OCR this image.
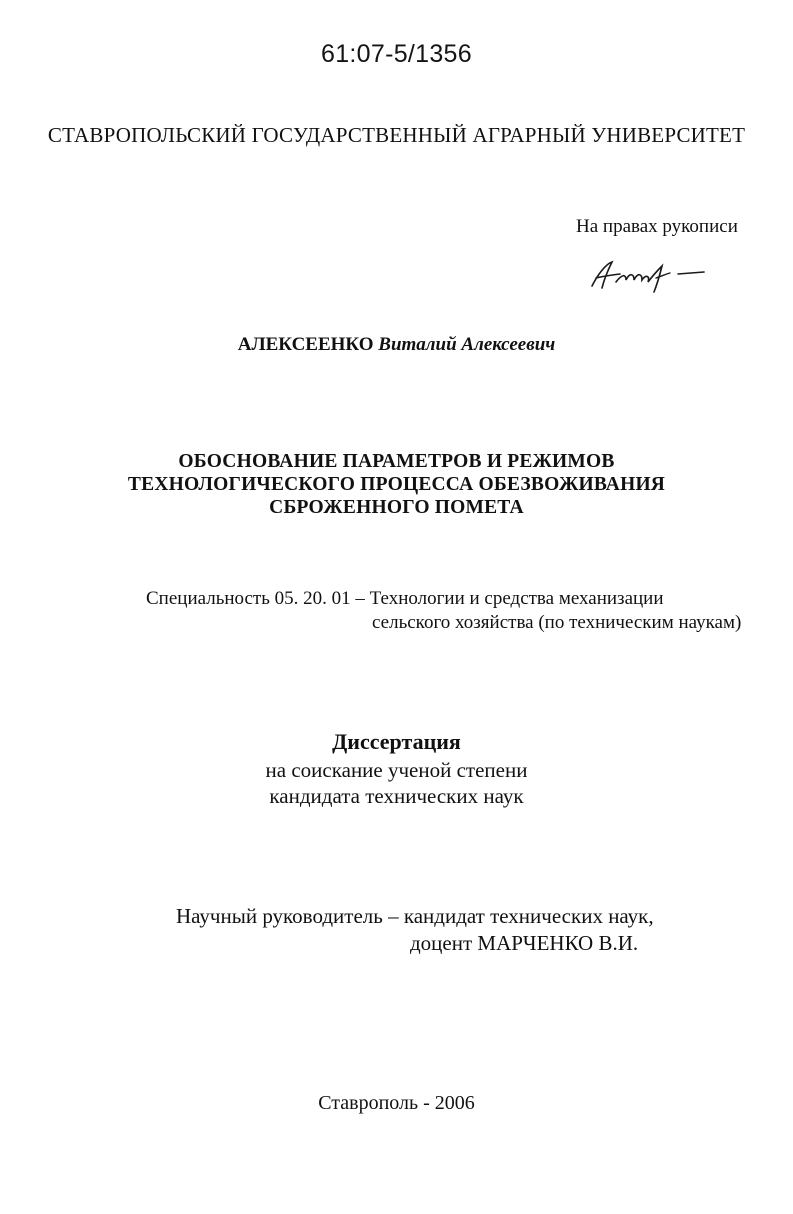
61:07-5/1356
СТАВРОПОЛЬСКИЙ ГОСУДАРСТВЕННЫЙ АГРАРНЫЙ УНИВЕРСИТЕТ
На правах рукописи
АЛЕКСЕЕНКО Виталий Алексеевич
ОБОСНОВАНИЕ ПАРАМЕТРОВ И РЕЖИМОВ
ТЕХНОЛОГИЧЕСКОГО ПРОЦЕССА ОБЕЗВОЖИВАНИЯ
СБРОЖЕННОГО ПОМЕТА
Специальность 05. 20. 01 – Технологии и средства механизации
сельского хозяйства (по техническим наукам)
Диссертация
на соискание ученой степени
кандидата технических наук
Научный руководитель – кандидат технических наук,
доцент МАРЧЕНКО В.И.
Ставрополь - 2006
